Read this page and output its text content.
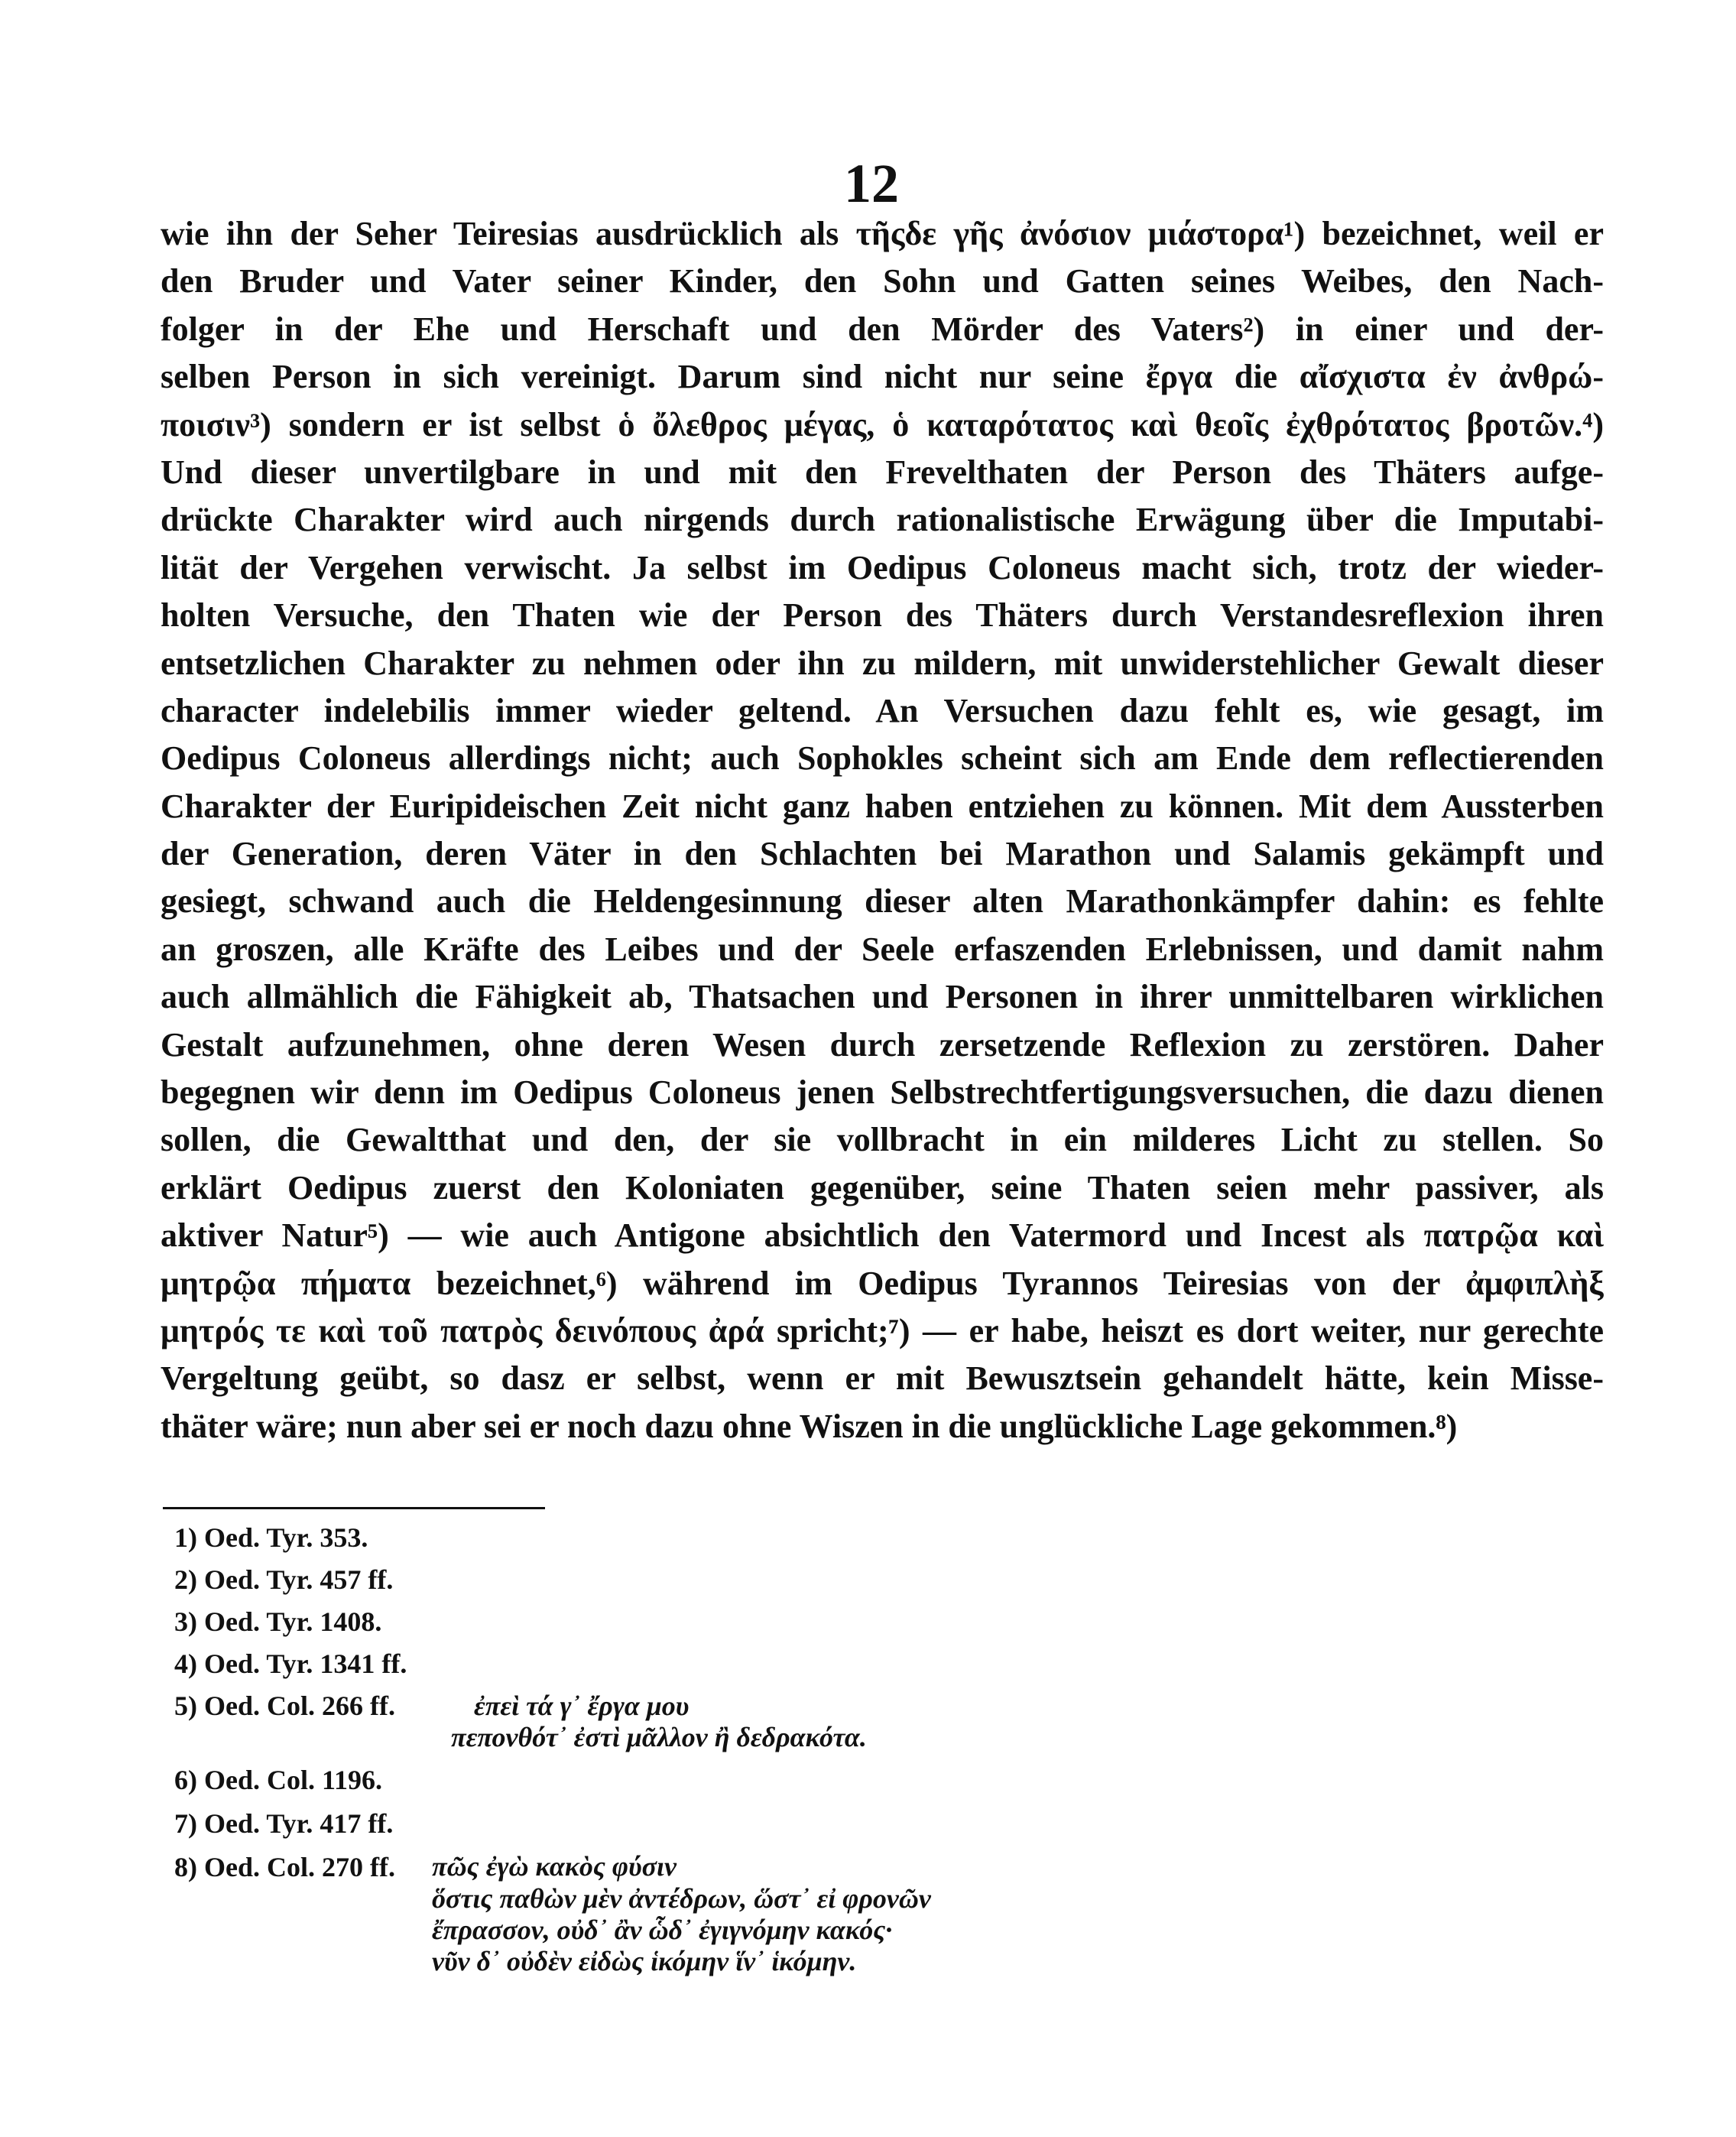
12
wie ihn der Seher Teiresias ausdrücklich als τῆςδε γῆς ἀνόσιον μιάστορα¹) bezeichnet, weil er
den Bruder und Vater seiner Kinder, den Sohn und Gatten seines Weibes, den Nach-
folger in der Ehe und Herschaft und den Mörder des Vaters²) in einer und der-
selben Person in sich vereinigt. Darum sind nicht nur seine ἔργα die αἴσχιστα ἐν ἀνθρώ-
ποισιν³) sondern er ist selbst ὁ ὄλεθρος μέγας, ὁ καταρότατος καὶ θεοῖς ἐχθρότατος βροτῶν.⁴)
Und dieser unvertilgbare in und mit den Frevelthaten der Person des Thäters aufge-
drückte Charakter wird auch nirgends durch rationalistische Erwägung über die Imputabi-
lität der Vergehen verwischt. Ja selbst im Oedipus Coloneus macht sich, trotz der wieder-
holten Versuche, den Thaten wie der Person des Thäters durch Verstandesreflexion ihren
entsetzlichen Charakter zu nehmen oder ihn zu mildern, mit unwiderstehlicher Gewalt dieser
character indelebilis immer wieder geltend. An Versuchen dazu fehlt es, wie gesagt, im
Oedipus Coloneus allerdings nicht; auch Sophokles scheint sich am Ende dem reflectierenden
Charakter der Euripideischen Zeit nicht ganz haben entziehen zu können. Mit dem Aussterben
der Generation, deren Väter in den Schlachten bei Marathon und Salamis gekämpft und
gesiegt, schwand auch die Heldengesinnung dieser alten Marathonkämpfer dahin: es fehlte
an groszen, alle Kräfte des Leibes und der Seele erfaszenden Erlebnissen, und damit nahm
auch allmählich die Fähigkeit ab, Thatsachen und Personen in ihrer unmittelbaren wirklichen
Gestalt aufzunehmen, ohne deren Wesen durch zersetzende Reflexion zu zerstören. Daher
begegnen wir denn im Oedipus Coloneus jenen Selbstrechtfertigungsversuchen, die dazu dienen
sollen, die Gewaltthat und den, der sie vollbracht in ein milderes Licht zu stellen. So
erklärt Oedipus zuerst den Koloniaten gegenüber, seine Thaten seien mehr passiver, als
aktiver Natur⁵) — wie auch Antigone absichtlich den Vatermord und Incest als πατρῷα καὶ
μητρῷα πήματα bezeichnet,⁶) während im Oedipus Tyrannos Teiresias von der ἀμφιπλὴξ
μητρός τε καὶ τοῦ πατρὸς δεινόπους ἀρά spricht;⁷) — er habe, heiszt es dort weiter, nur gerechte
Vergeltung geübt, so dasz er selbst, wenn er mit Bewusztsein gehandelt hätte, kein Misse-
thäter wäre; nun aber sei er noch dazu ohne Wiszen in die unglückliche Lage gekommen.⁸)
1) Oed. Tyr. 353.
2) Oed. Tyr. 457 ff.
3) Oed. Tyr. 1408.
4) Oed. Tyr. 1341 ff.
5) Oed. Col. 266 ff.	ἐπεὶ τά γ᾽ ἔργα μου
πεπονθότ᾽ ἐστὶ μᾶλλον ἢ δεδρακότα.
6) Oed. Col. 1196.
7) Oed. Tyr. 417 ff.
8) Oed. Col. 270 ff. πῶς ἐγὼ κακὸς φύσιν
ὅστις παθὼν μὲν ἀντέδρων, ὥστ᾽ εἰ φρονῶν
ἔπρασσον, οὐδ᾽ ἂν ὧδ᾽ ἐγιγνόμην κακός·
νῦν δ᾽ οὐδὲν εἰδὼς ἱκόμην ἵν᾽ ἱκόμην.
